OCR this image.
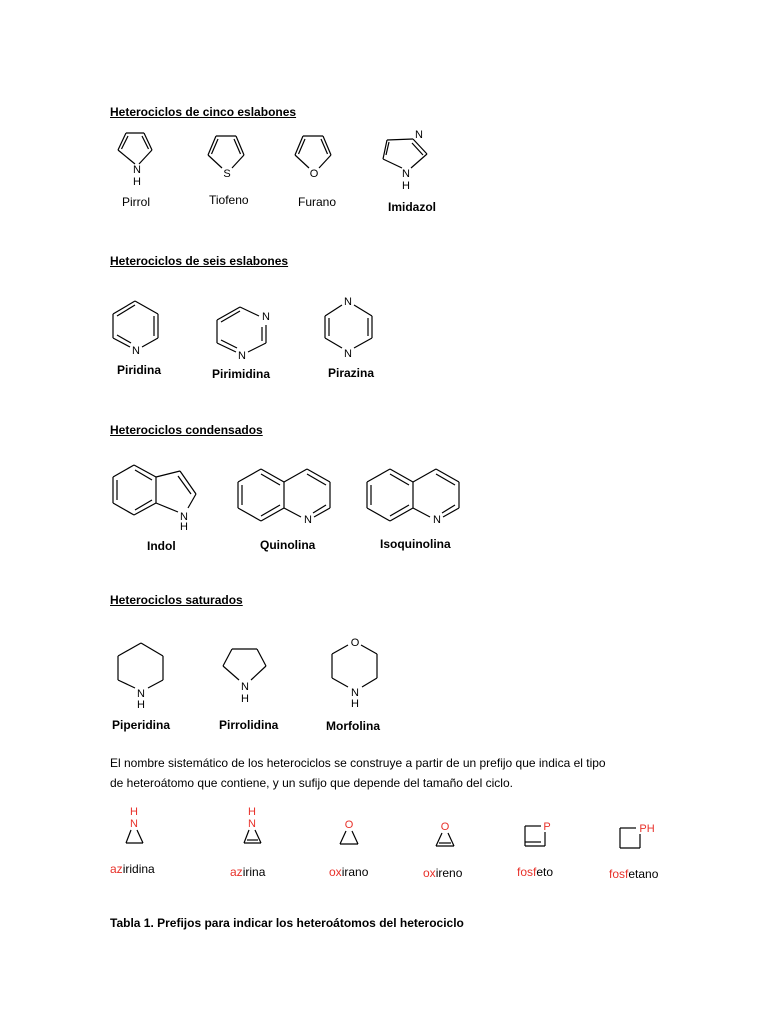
Heterociclos de cinco eslabones
Heterociclos de seis eslabones
Heterociclos condensados
Heterociclos saturados
N
H
Pirrol
S
Tiofeno
O
Furano
N
N
H
Imidazol
N
Piridina
N
N
Pirimidina
N
N
Pirazina
N
H
Indol
N
Quinolina
N
Isoquinolina
N
H
Piperidina
N
H
Pirrolidina
O
N
H
Morfolina
El nombre sistemático de los heterociclos se construye a partir de un prefijo que indica el tipo
de heteroátomo que contiene, y un sufijo que depende del tamaño del ciclo.
H
N
aziridina
H
N
azirina
O
oxirano
O
oxireno
P
fosfeto
PH
fosfetano
Tabla 1. Prefijos para indicar los heteroátomos del heterociclo
